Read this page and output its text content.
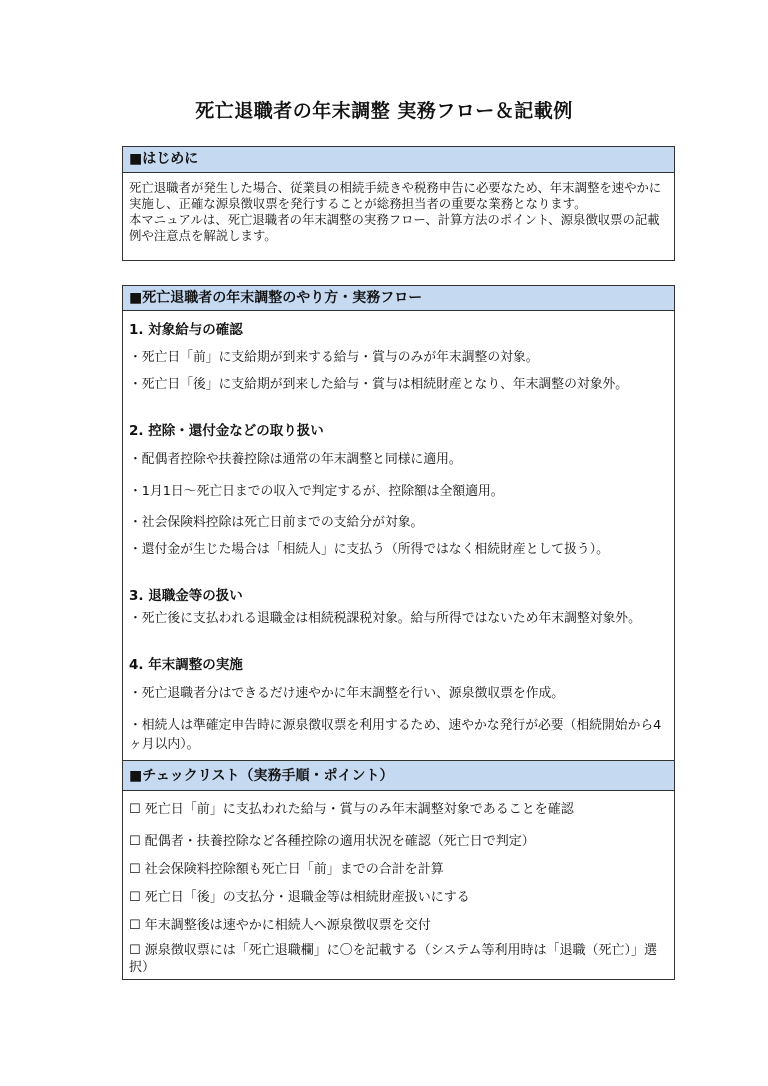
死亡退職者の年末調整 実務フロー＆記載例
■はじめに

死亡退職者が発生した場合、従業員の相続手続きや税務申告に必要なため、年末調整を速やかに実施し、正確な源泉徴収票を発行することが総務担当者の重要な業務となります。

本マニュアルは、死亡退職者の年末調整の実務フロー、計算方法のポイント、源泉徴収票の記載例や注意点を解説します。

■死亡退職者の年末調整のやり方・実務フロー

1. 対象給与の確認

・死亡日「前」に支給期が到来する給与・賞与のみが年末調整の対象。

・死亡日「後」に支給期が到来した給与・賞与は相続財産となり、年末調整の対象外。

2. 控除・還付金などの取り扱い

・配偶者控除や扶養控除は通常の年末調整と同様に適用。

・1月1日～死亡日までの収入で判定するが、控除額は全額適用。

・社会保険料控除は死亡日前までの支給分が対象。

・還付金が生じた場合は「相続人」に支払う（所得ではなく相続財産として扱う）。

3. 退職金等の扱い

・死亡後に支払われる退職金は相続税課税対象。給与所得ではないため年末調整対象外。

4. 年末調整の実施

・死亡退職者分はできるだけ速やかに年末調整を行い、源泉徴収票を作成。

・相続人は準確定申告時に源泉徴収票を利用するため、速やかな発行が必要（相続開始から4ヶ月以内）。

■チェックリスト（実務手順・ポイント）
☐ 死亡日「前」に支払われた給与・賞与のみ年末調整対象であることを確認
☐ 配偶者・扶養控除など各種控除の適用状況を確認（死亡日で判定）
☐ 社会保険料控除額も死亡日「前」までの合計を計算
☐ 死亡日「後」の支払分・退職金等は相続財産扱いにする
☐ 年末調整後は速やかに相続人へ源泉徴収票を交付
☐ 源泉徴収票には「死亡退職欄」に〇を記載する（システム等利用時は「退職（死亡）」選択）
